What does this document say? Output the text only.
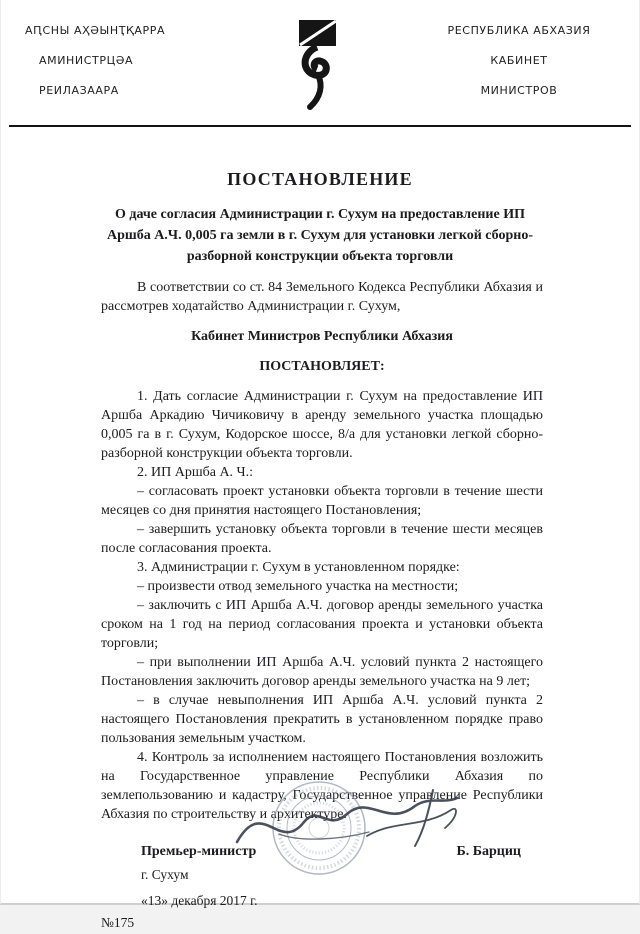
АԤСНЫ АҲӘЫНҬҚАРРА
АМИНИСТРЦӘА
РЕИЛАЗААРА
РЕСПУБЛИКА АБХАЗИЯ
КАБИНЕТ
МИНИСТРОВ
ПОСТАНОВЛЕНИЕ
О даче согласия Администрации г. Сухум на предоставление ИП Аршба А.Ч. 0,005 га земли в г. Сухум для установки легкой сборно-разборной конструкции объекта торговли

В соответствии со ст. 84 Земельного Кодекса Республики Абхазия и рассмотрев ходатайство Администрации г. Сухум,

Кабинет Министров Республики Абхазия

ПОСТАНОВЛЯЕТ:

1. Дать согласие Администрации г. Сухум на предоставление ИП Аршба Аркадию Чичиковичу в аренду земельного участка площадью 0,005 га в г. Сухум, Кодорское шоссе, 8/а для установки легкой сборно-разборной конструкции объекта торговли.

2. ИП Аршба А. Ч.:

– согласовать проект установки объекта торговли в течение шести месяцев со дня принятия настоящего Постановления;

– завершить установку объекта торговли в течение шести месяцев после согласования проекта.

3. Администрации г. Сухум в установленном порядке:

– произвести отвод земельного участка на местности;

– заключить с ИП Аршба А.Ч. договор аренды земельного участка сроком на 1 год на период согласования проекта и установки объекта торговли;

– при выполнении ИП Аршба А.Ч. условий пункта 2 настоящего Постановления заключить договор аренды земельного участка на 9 лет;

– в случае невыполнения ИП Аршба А.Ч. условий пункта 2 настоящего Постановления прекратить в установленном порядке право пользования земельным участком.

4. Контроль за исполнением настоящего Постановления возложить на Государственное управление Республики Абхазия по землепользованию и кадастру, Государственное управление Республики Абхазия по строительству и архитектуре.

Премьер-министр	Б. Барциц
г. Сухум
«13» декабря 2017 г.
№175
